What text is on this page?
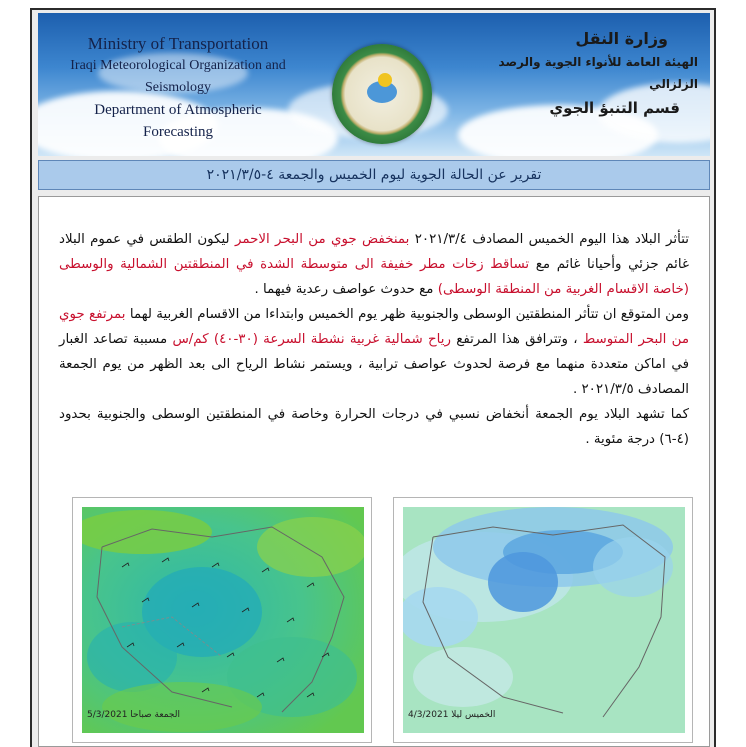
Ministry of Transportation
Iraqi Meteorological Organization and Seismology
Department of Atmospheric Forecasting
وزارة النقل
الهيئة العامة للأنواء الجوية والرصد الزلزالي
قسم التنبؤ الجوي
تقرير عن الحالة الجوية ليوم الخميس والجمعة ٤-٢٠٢١/٣/٥

تتأثر البلاد هذا اليوم الخميس المصادف ٢٠٢١/٣/٤ بمنخفض جوي من البحر الاحمر ليكون الطقس في عموم البلاد غائم جزئي وأحيانا غائم مع تساقط زخات مطر خفيفة الى متوسطة الشدة في المنطقتين الشمالية والوسطى (خاصة الاقسام الغربية من المنطقة الوسطى) مع حدوث عواصف رعدية فيهما .

ومن المتوقع ان تتأثر المنطقتين الوسطى والجنوبية ظهر يوم الخميس وابتداءا من الاقسام الغربية لهما بمرتفع جوي من البحر المتوسط ، وتترافق هذا المرتفع رياح شمالية غربية نشطة السرعة (٣٠-٤٠) كم/س مسببة تصاعد الغبار في اماكن متعددة منهما مع فرصة لحدوث عواصف ترابية ، ويستمر نشاط الرياح الى بعد الظهر من يوم الجمعة المصادف ٢٠٢١/٣/٥ .

كما تشهد البلاد يوم الجمعة أنخفاض نسبي في درجات الحرارة وخاصة في المنطقتين الوسطى والجنوبية بحدود (٤-٦) درجة مئوية .

الجمعة صباحا 5/3/2021	الخميس ليلا 4/3/2021
